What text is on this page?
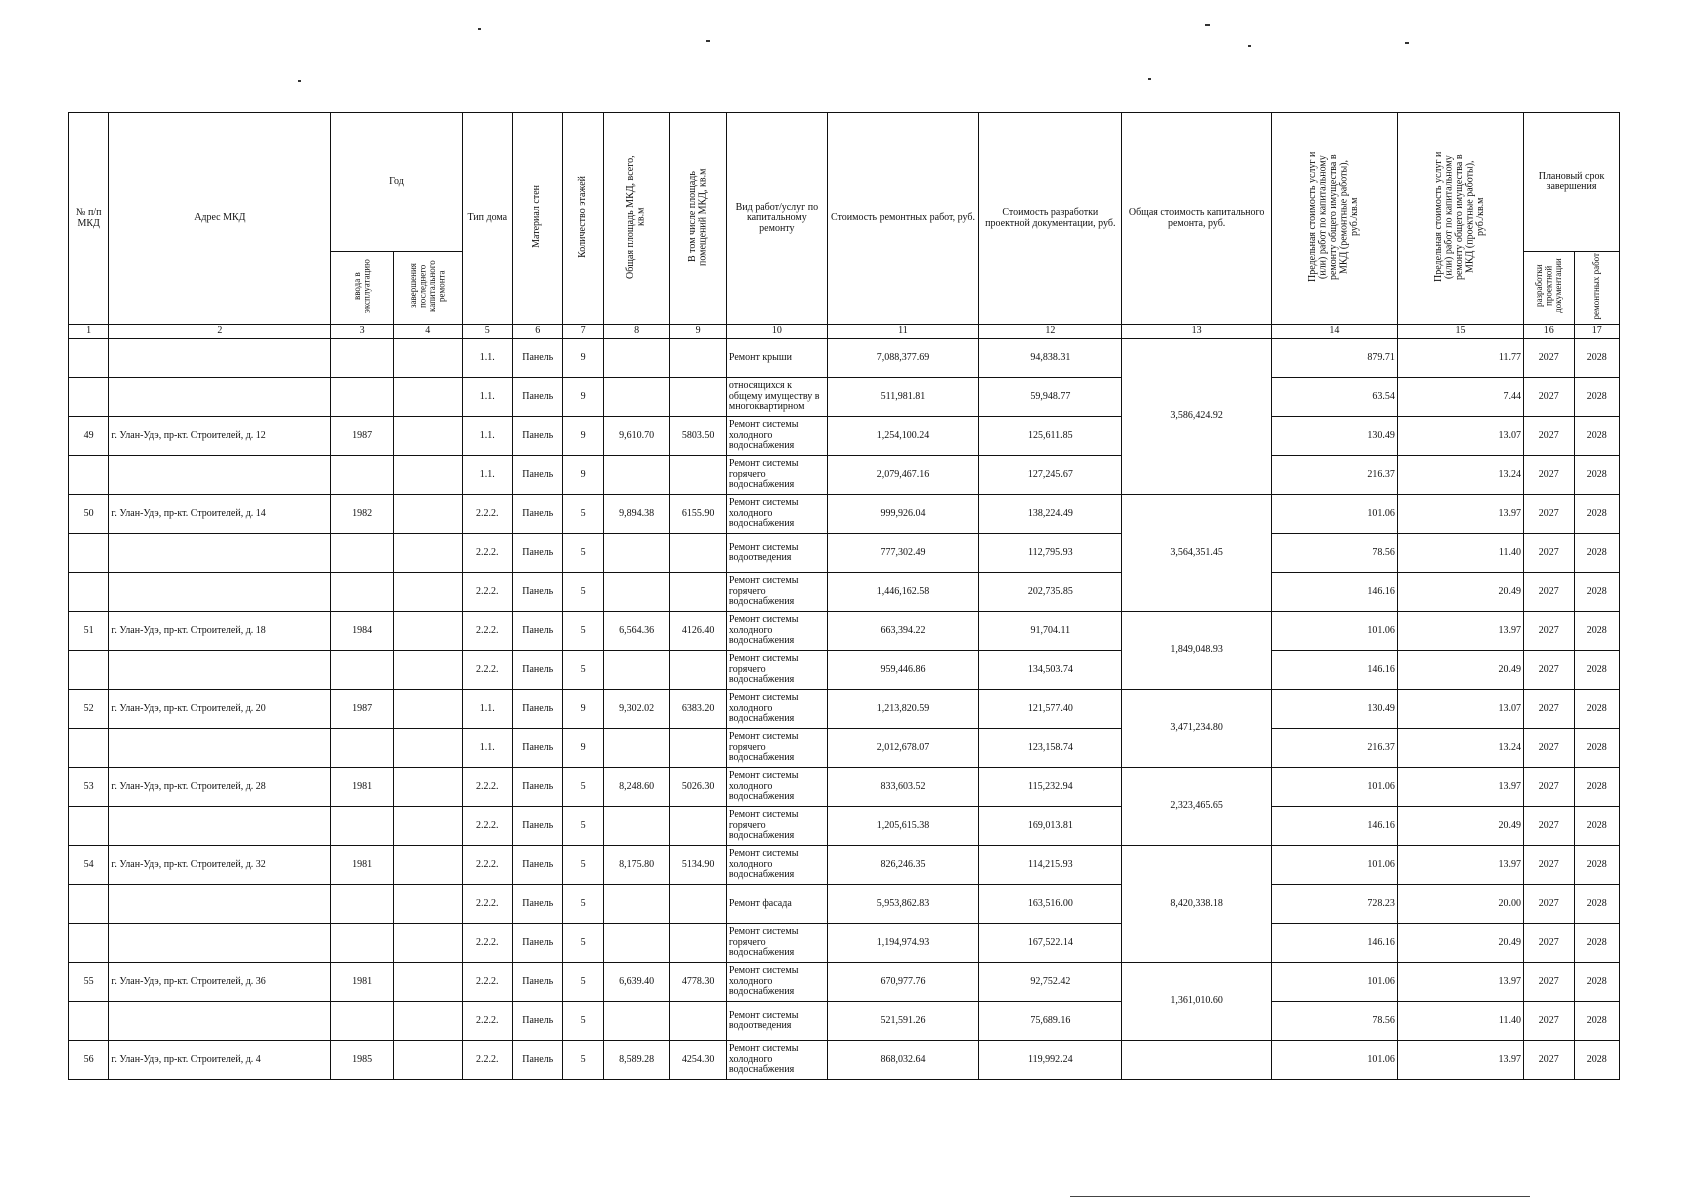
№ п/п МКД	Адрес МКД	Год		Тип дома	Материал стен	Количество этажей	Общая площадь МКД, всего, кв.м	В том числе площадь помещений МКД, кв.м	Вид работ/услуг по капитальному ремонту	Стоимость ремонтных работ, руб.	Стоимость разработки проектной документации, руб.	Общая стоимость капитального ремонта, руб.	Предельная стоимость услуг и (или) работ по капитальному ремонту общего имущества в МКД (ремонтные работы), руб./кв.м	Предельная стоимость услуг и (или) работ по капитальному ремонту общего имущества в МКД (проектные работы), руб./кв.м	Плановый срок завершения	
		ввода в эксплуатацию	завершения последнего капитального ремонта												разработки проектной документации	ремонтных работ
1	2	3	4	5	6	7	8	9	10	11	12	13	14	15	16	17
				1.1.	Панель	9			Ремонт крыши	7,088,377.69	94,838.31	3,586,424.92	879.71	11.77	2027	2028
				1.1.	Панель	9			относящихся к общему имуществу в многоквартирном	511,981.81	59,948.77		63.54	7.44	2027	2028
49	г. Улан-Удэ, пр-кт. Строителей, д. 12	1987		1.1.	Панель	9	9,610.70	5803.50	Ремонт системы холодного водоснабжения	1,254,100.24	125,611.85		130.49	13.07	2027	2028
				1.1.	Панель	9			Ремонт системы горячего водоснабжения	2,079,467.16	127,245.67		216.37	13.24	2027	2028
50	г. Улан-Удэ, пр-кт. Строителей, д. 14	1982		2.2.2.	Панель	5	9,894.38	6155.90	Ремонт системы холодного водоснабжения	999,926.04	138,224.49	3,564,351.45	101.06	13.97	2027	2028
				2.2.2.	Панель	5			Ремонт системы водоотведения	777,302.49	112,795.93		78.56	11.40	2027	2028
				2.2.2.	Панель	5			Ремонт системы горячего водоснабжения	1,446,162.58	202,735.85		146.16	20.49	2027	2028
51	г. Улан-Удэ, пр-кт. Строителей, д. 18	1984		2.2.2.	Панель	5	6,564.36	4126.40	Ремонт системы холодного водоснабжения	663,394.22	91,704.11	1,849,048.93	101.06	13.97	2027	2028
				2.2.2.	Панель	5			Ремонт системы горячего водоснабжения	959,446.86	134,503.74		146.16	20.49	2027	2028
52	г. Улан-Удэ, пр-кт. Строителей, д. 20	1987		1.1.	Панель	9	9,302.02	6383.20	Ремонт системы холодного водоснабжения	1,213,820.59	121,577.40	3,471,234.80	130.49	13.07	2027	2028
				1.1.	Панель	9			Ремонт системы горячего водоснабжения	2,012,678.07	123,158.74		216.37	13.24	2027	2028
53	г. Улан-Удэ, пр-кт. Строителей, д. 28	1981		2.2.2.	Панель	5	8,248.60	5026.30	Ремонт системы холодного водоснабжения	833,603.52	115,232.94	2,323,465.65	101.06	13.97	2027	2028
				2.2.2.	Панель	5			Ремонт системы горячего водоснабжения	1,205,615.38	169,013.81		146.16	20.49	2027	2028
54	г. Улан-Удэ, пр-кт. Строителей, д. 32	1981		2.2.2.	Панель	5	8,175.80	5134.90	Ремонт системы холодного водоснабжения	826,246.35	114,215.93	8,420,338.18	101.06	13.97	2027	2028
				2.2.2.	Панель	5			Ремонт фасада	5,953,862.83	163,516.00		728.23	20.00	2027	2028
				2.2.2.	Панель	5			Ремонт системы горячего водоснабжения	1,194,974.93	167,522.14		146.16	20.49	2027	2028
55	г. Улан-Удэ, пр-кт. Строителей, д. 36	1981		2.2.2.	Панель	5	6,639.40	4778.30	Ремонт системы холодного водоснабжения	670,977.76	92,752.42	1,361,010.60	101.06	13.97	2027	2028
				2.2.2.	Панель	5			Ремонт системы водоотведения	521,591.26	75,689.16		78.56	11.40	2027	2028
56	г. Улан-Удэ, пр-кт. Строителей, д. 4	1985		2.2.2.	Панель	5	8,589.28	4254.30	Ремонт системы холодного водоснабжения	868,032.64	119,992.24		101.06	13.97	2027	2028
